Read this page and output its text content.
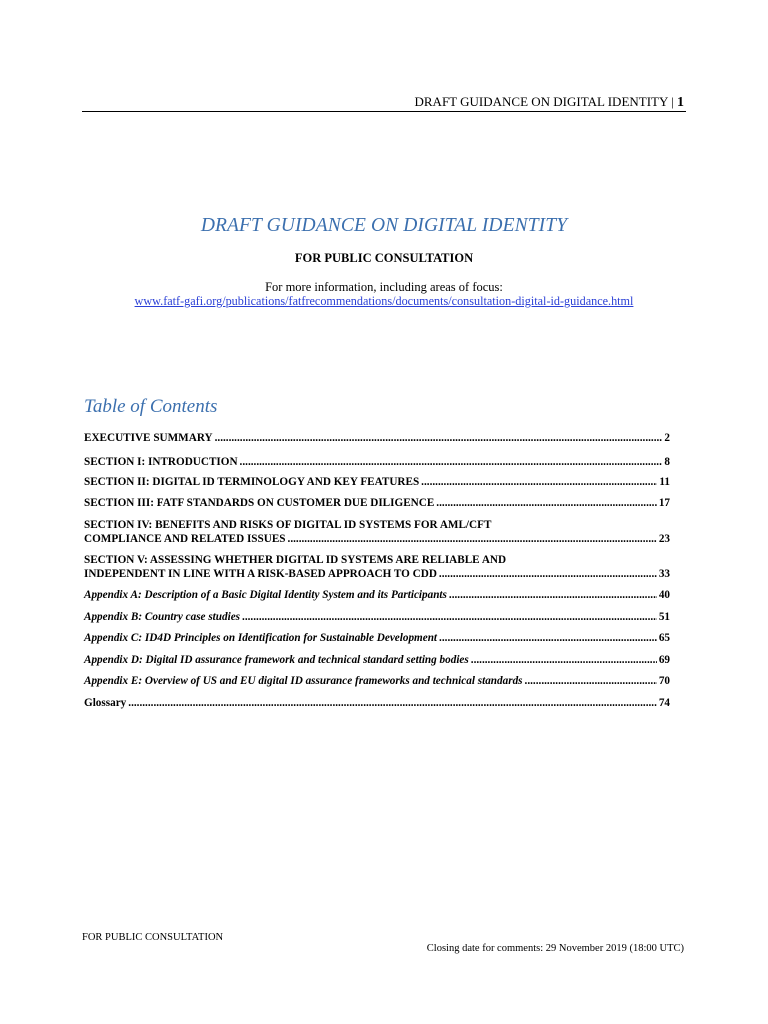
DRAFT GUIDANCE ON DIGITAL IDENTITY | 1
DRAFT GUIDANCE ON DIGITAL IDENTITY
FOR PUBLIC CONSULTATION
For more information, including areas of focus:
www.fatf-gafi.org/publications/fatfrecommendations/documents/consultation-digital-id-guidance.html
Table of Contents
EXECUTIVE SUMMARY .....	2
SECTION I: INTRODUCTION .....	8
SECTION II: DIGITAL ID TERMINOLOGY AND KEY FEATURES .....	11
SECTION III: FATF STANDARDS ON CUSTOMER DUE DILIGENCE .....	17
SECTION IV: BENEFITS AND RISKS OF DIGITAL ID SYSTEMS FOR AML/CFT
COMPLIANCE AND RELATED ISSUES .....	23
SECTION V: ASSESSING WHETHER DIGITAL ID SYSTEMS ARE RELIABLE AND
INDEPENDENT IN LINE WITH A RISK-BASED APPROACH TO CDD .....	33
Appendix A: Description of a Basic Digital Identity System and its Participants .....	40
Appendix B: Country case studies .....	51
Appendix C: ID4D Principles on Identification for Sustainable Development .....	65
Appendix D: Digital ID assurance framework and technical standard setting bodies .....	69
Appendix E: Overview of US and EU digital ID assurance frameworks and technical standards .....	70
Glossary .....	74
FOR PUBLIC CONSULTATION
Closing date for comments: 29 November 2019 (18:00 UTC)
